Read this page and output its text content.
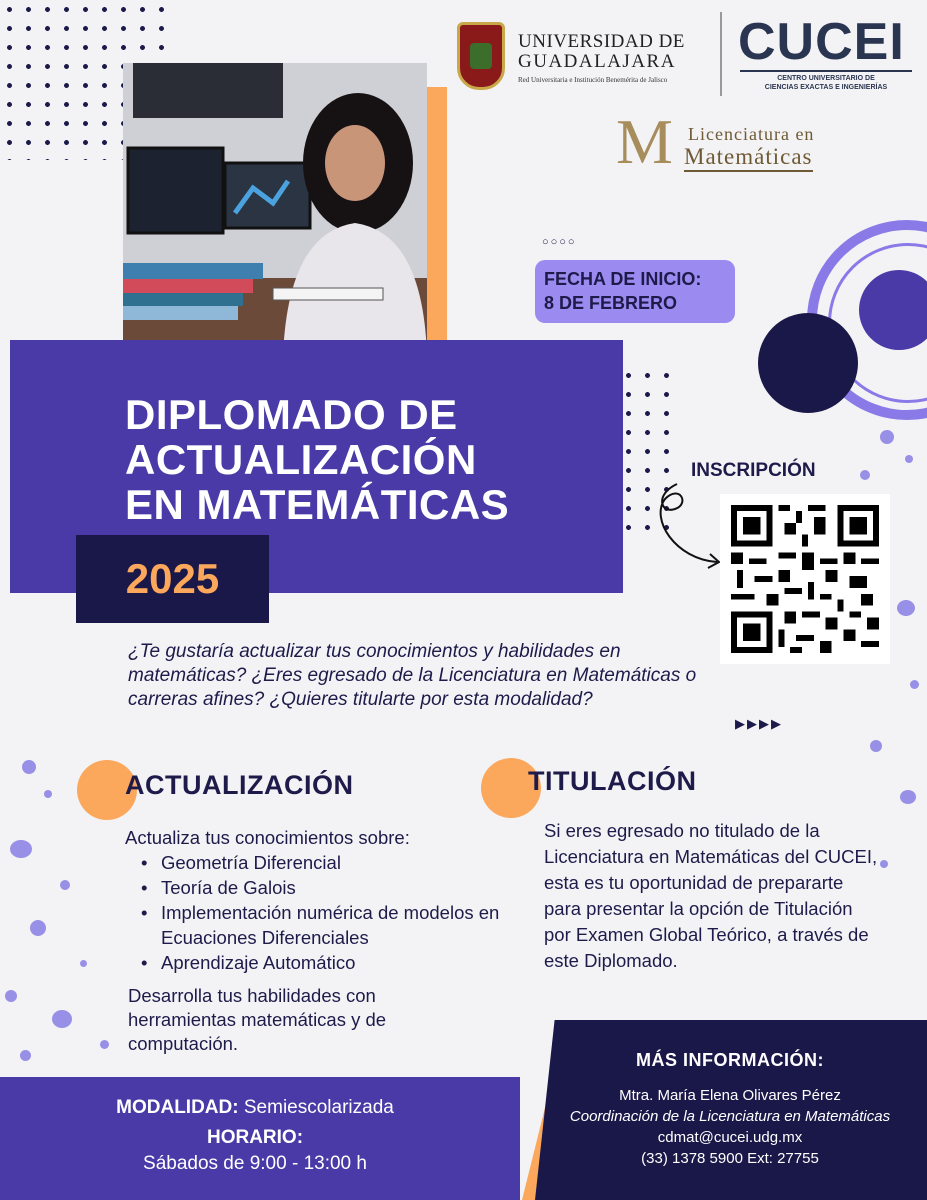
UNIVERSIDAD DE
GUADALAJARA
Red Universitaria e Institución Benemérita de Jalisco
CUCEI
CENTRO UNIVERSITARIO DE
CIENCIAS EXACTAS E INGENIERÍAS
M Licenciatura en
Matemáticas
○○○○
FECHA DE INICIO:
8 DE FEBRERO
DIPLOMADO DE
ACTUALIZACIÓN
EN MATEMÁTICAS
2025
INSCRIPCIÓN
▶▶▶▶
¿Te gustaría actualizar tus conocimientos y habilidades en matemáticas? ¿Eres egresado de la Licenciatura en Matemáticas o carreras afines? ¿Quieres titularte por esta modalidad?
ACTUALIZACIÓN
Actualiza tus conocimientos sobre:
• Geometría Diferencial
• Teoría de Galois
• Implementación numérica de modelos en Ecuaciones Diferenciales
• Aprendizaje Automático
Desarrolla tus habilidades con herramientas matemáticas y de computación.
TITULACIÓN
Si eres egresado no titulado de la Licenciatura en Matemáticas del CUCEI, esta es tu oportunidad de prepararte para presentar la opción de Titulación por Examen Global Teórico, a través de este Diplomado.
MODALIDAD: Semiescolarizada
HORARIO:
Sábados de 9:00 - 13:00 h
MÁS INFORMACIÓN:
Mtra. María Elena Olivares Pérez
Coordinación de la Licenciatura en Matemáticas
cdmat@cucei.udg.mx
(33) 1378 5900 Ext: 27755
